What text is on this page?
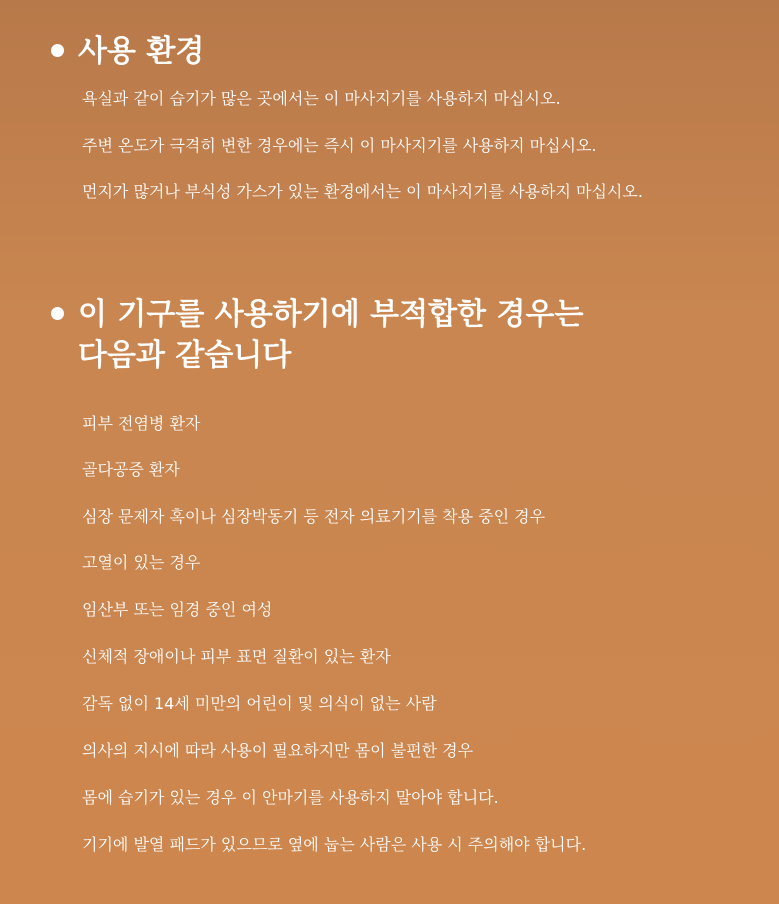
사용 환경

욕실과 같이 습기가 많은 곳에서는 이 마사지기를 사용하지 마십시오.

주변 온도가 극격히 변한 경우에는 즉시 이 마사지기를 사용하지 마십시오.

먼지가 많거나 부식성 가스가 있는 환경에서는 이 마사지기를 사용하지 마십시오.

이 기구를 사용하기에 부적합한 경우는
다음과 같습니다

피부 전염병 환자

골다공증 환자

심장 문제자 혹이나 심장박동기 등 전자 의료기기를 착용 중인 경우

고열이 있는 경우

임산부 또는 임경 중인 여성

신체적 장애이나 피부 표면 질환이 있는 환자

감독 없이 14세 미만의 어린이 및 의식이 없는 사람

의사의 지시에 따라 사용이 필요하지만 몸이 불편한 경우

몸에 습기가 있는 경우 이 안마기를 사용하지 말아야 합니다.

기기에 발열 패드가 있으므로 옆에 눕는 사람은 사용 시 주의해야 합니다.
